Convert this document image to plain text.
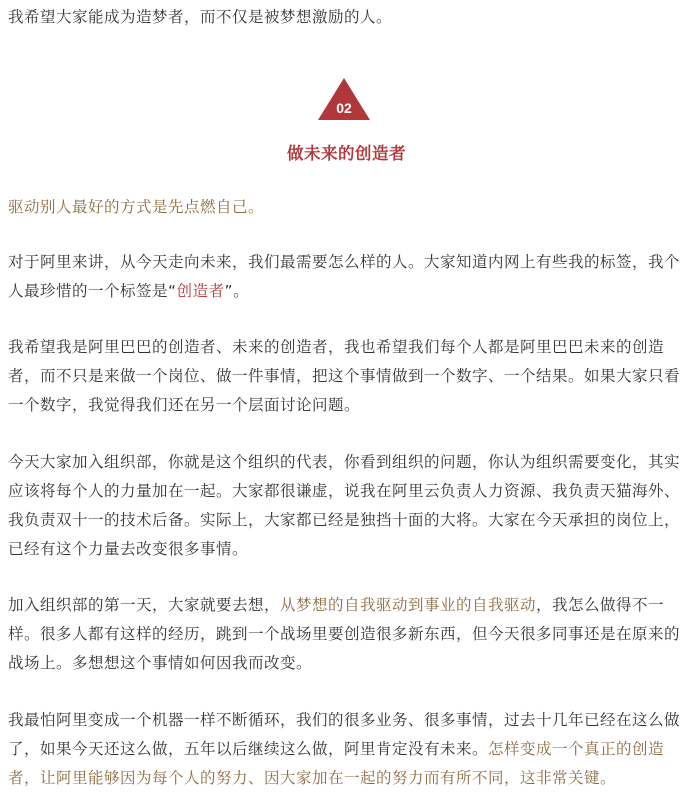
我希望大家能成为造梦者，而不仅是被梦想激励的人。

02
做未来的创造者

驱动别人最好的方式是先点燃自己。

对于阿里来讲，从今天走向未来，我们最需要怎么样的人。大家知道内网上有些我的标签，我个人最珍惜的一个标签是“创造者”。

我希望我是阿里巴巴的创造者、未来的创造者，我也希望我们每个人都是阿里巴巴未来的创造者，而不只是来做一个岗位、做一件事情，把这个事情做到一个数字、一个结果。如果大家只看一个数字，我觉得我们还在另一个层面讨论问题。

今天大家加入组织部，你就是这个组织的代表，你看到组织的问题，你认为组织需要变化，其实应该将每个人的力量加在一起。大家都很谦虚，说我在阿里云负责人力资源、我负责天猫海外、我负责双十一的技术后备。实际上，大家都已经是独挡十面的大将。大家在今天承担的岗位上，已经有这个力量去改变很多事情。

加入组织部的第一天，大家就要去想，从梦想的自我驱动到事业的自我驱动，我怎么做得不一样。很多人都有这样的经历，跳到一个战场里要创造很多新东西，但今天很多同事还是在原来的战场上。多想想这个事情如何因我而改变。

我最怕阿里变成一个机器一样不断循环，我们的很多业务、很多事情，过去十几年已经在这么做了，如果今天还这么做，五年以后继续这么做，阿里肯定没有未来。怎样变成一个真正的创造者，让阿里能够因为每个人的努力、因大家加在一起的努力而有所不同，这非常关键。
